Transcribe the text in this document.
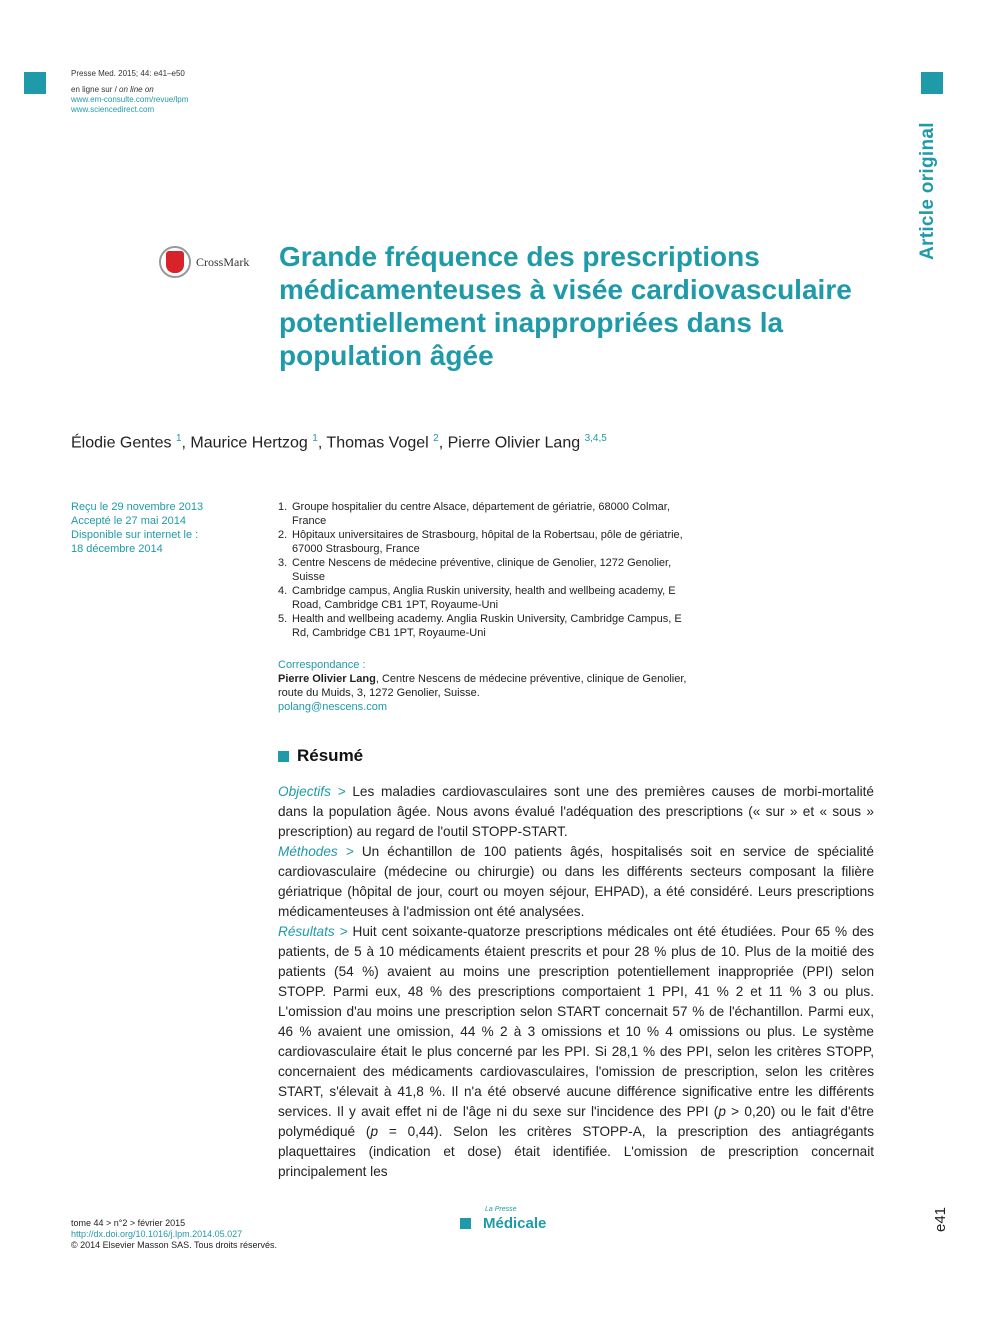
Presse Med. 2015; 44: e41–e50
en ligne sur / on line on
www.em-consulte.com/revue/lpm
www.sciencedirect.com
Article original
CrossMark Grande fréquence des prescriptions médicamenteuses à visée cardiovasculaire potentiellement inappropriées dans la population âgée
Élodie Gentes $^1$, Maurice Hertzog $^1$, Thomas Vogel $^2$, Pierre Olivier Lang $^{3,4,5}$
Reçu le 29 novembre 2013
Accepté le 27 mai 2014
Disponible sur internet le :
18 décembre 2014
1. Groupe hospitalier du centre Alsace, département de gériatrie, 68000 Colmar, France
2. Hôpitaux universitaires de Strasbourg, hôpital de la Robertsau, pôle de gériatrie, 67000 Strasbourg, France
3. Centre Nescens de médecine préventive, clinique de Genolier, 1272 Genolier, Suisse
4. Cambridge campus, Anglia Ruskin university, health and wellbeing academy, E Road, Cambridge CB1 1PT, Royaume-Uni
5. Health and wellbeing academy. Anglia Ruskin University, Cambridge Campus, E Rd, Cambridge CB1 1PT, Royaume-Uni
Correspondance :
Pierre Olivier Lang, Centre Nescens de médecine préventive, clinique de Genolier,
route du Muids, 3, 1272 Genolier, Suisse.
polang@nescens.com
Résumé

Objectifs > Les maladies cardiovasculaires sont une des premières causes de morbi-mortalité dans la population âgée. Nous avons évalué l'adéquation des prescriptions (« sur » et « sous » prescription) au regard de l'outil STOPP-START.

Méthodes > Un échantillon de 100 patients âgés, hospitalisés soit en service de spécialité cardiovasculaire (médecine ou chirurgie) ou dans les différents secteurs composant la filière gériatrique (hôpital de jour, court ou moyen séjour, EHPAD), a été considéré. Leurs prescriptions médicamenteuses à l'admission ont été analysées.

Résultats > Huit cent soixante-quatorze prescriptions médicales ont été étudiées. Pour 65 % des patients, de 5 à 10 médicaments étaient prescrits et pour 28 % plus de 10. Plus de la moitié des patients (54 %) avaient au moins une prescription potentiellement inappropriée (PPI) selon STOPP. Parmi eux, 48 % des prescriptions comportaient 1 PPI, 41 % 2 et 11 % 3 ou plus. L'omission d'au moins une prescription selon START concernait 57 % de l'échantillon. Parmi eux, 46 % avaient une omission, 44 % 2 à 3 omissions et 10 % 4 omissions ou plus. Le système cardiovasculaire était le plus concerné par les PPI. Si 28,1 % des PPI, selon les critères STOPP, concernaient des médicaments cardiovasculaires, l'omission de prescription, selon les critères START, s'élevait à 41,8 %. Il n'a été observé aucune différence significative entre les différents services. Il y avait effet ni de l'âge ni du sexe sur l'incidence des PPI (p > 0,20) ou le fait d'être polymédiqué (p = 0,44). Selon les critères STOPP-A, la prescription des antiagrégants plaquettaires (indication et dose) était identifiée. L'omission de prescription concernait principalement les

tome 44 > n°2 > février 2015
http://dx.doi.org/10.1016/j.lpm.2014.05.027
© 2014 Elsevier Masson SAS. Tous droits réservés.
La Presse
Médicale	e41
